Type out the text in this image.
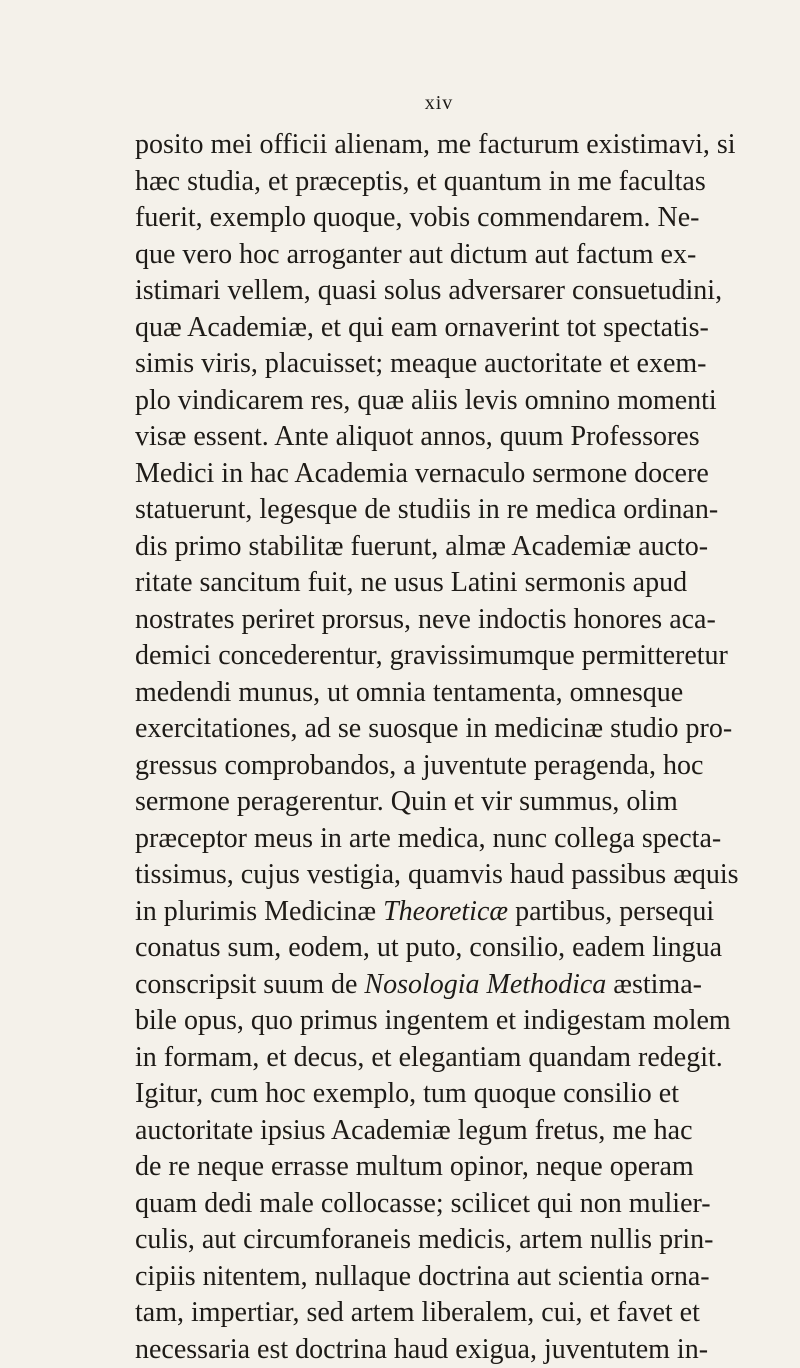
xiv
posito mei officii alienam, me facturum existimavi, si
hæc studia, et præceptis, et quantum in me facultas
fuerit, exemplo quoque, vobis commendarem. Ne-
que vero hoc arroganter aut dictum aut factum ex-
istimari vellem, quasi solus adversarer consuetudini,
quæ Academiæ, et qui eam ornaverint tot spectatis-
simis viris, placuisset; meaque auctoritate et exem-
plo vindicarem res, quæ aliis levis omnino momenti
visæ essent. Ante aliquot annos, quum Professores
Medici in hac Academia vernaculo sermone docere
statuerunt, legesque de studiis in re medica ordinan-
dis primo stabilitæ fuerunt, almæ Academiæ aucto-
ritate sancitum fuit, ne usus Latini sermonis apud
nostrates periret prorsus, neve indoctis honores aca-
demici concederentur, gravissimumque permitteretur
medendi munus, ut omnia tentamenta, omnesque
exercitationes, ad se suosque in medicinæ studio pro-
gressus comprobandos, a juventute peragenda, hoc
sermone peragerentur. Quin et vir summus, olim
præceptor meus in arte medica, nunc collega specta-
tissimus, cujus vestigia, quamvis haud passibus æquis
in plurimis Medicinæ Theoreticæ partibus, persequi
conatus sum, eodem, ut puto, consilio, eadem lingua
conscripsit suum de Nosologia Methodica æstima-
bile opus, quo primus ingentem et indigestam molem
in formam, et decus, et elegantiam quandam redegit.
Igitur, cum hoc exemplo, tum quoque consilio et
auctoritate ipsius Academiæ legum fretus, me hac
de re neque errasse multum opinor, neque operam
quam dedi male collocasse; scilicet qui non mulier-
culis, aut circumforaneis medicis, artem nullis prin-
cipiis nitentem, nullaque doctrina aut scientia orna-
tam, impertiar, sed artem liberalem, cui, et favet et
necessaria est doctrina haud exigua, juventutem in-
